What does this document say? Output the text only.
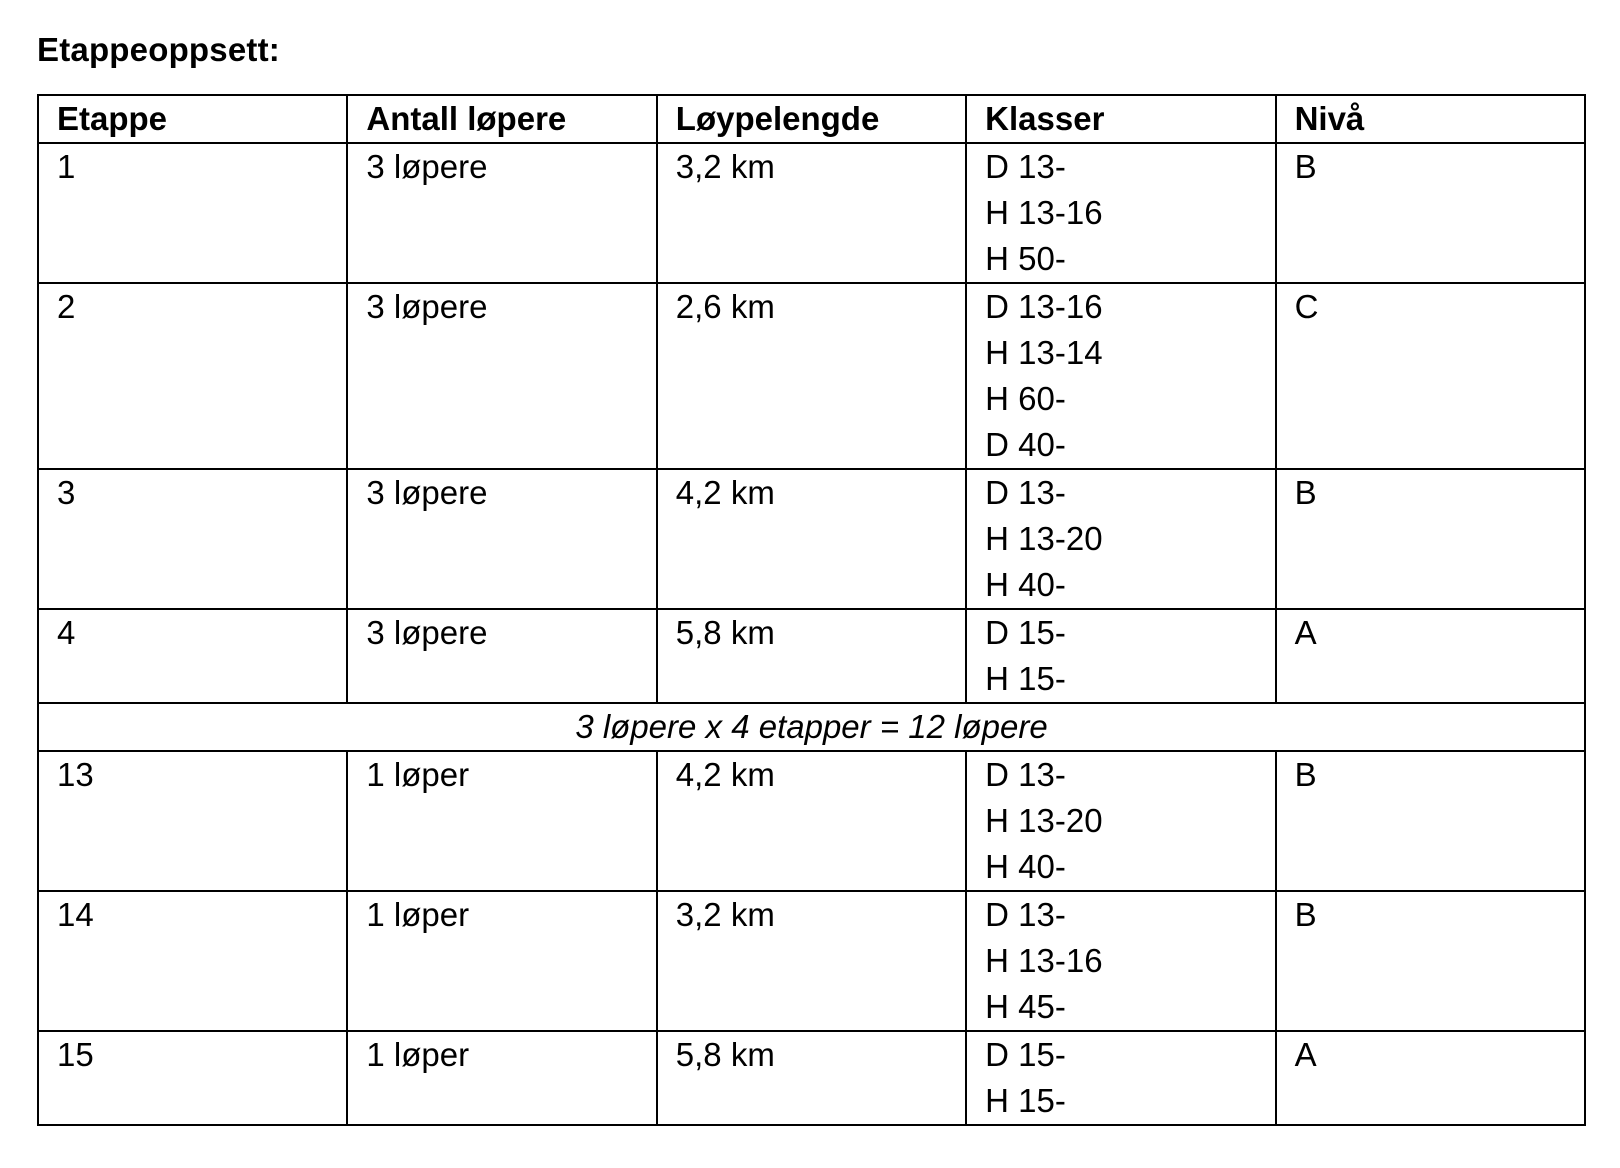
Etappeoppsett:
Etappe	Antall løpere	Løypelengde	Klasser	Nivå
1	3 løpere	3,2 km	D 13-
H 13-16
H 50-	B
2	3 løpere	2,6 km	D 13-16
H 13-14
H 60-
D 40-	C
3	3 løpere	4,2 km	D 13-
H 13-20
H 40-	B
4	3 løpere	5,8 km	D 15-
H 15-	A
3 løpere x 4 etapper = 12 løpere				
13	1 løper	4,2 km	D 13-
H 13-20
H 40-	B
14	1 løper	3,2 km	D 13-
H 13-16
H 45-	B
15	1 løper	5,8 km	D 15-
H 15-	A
